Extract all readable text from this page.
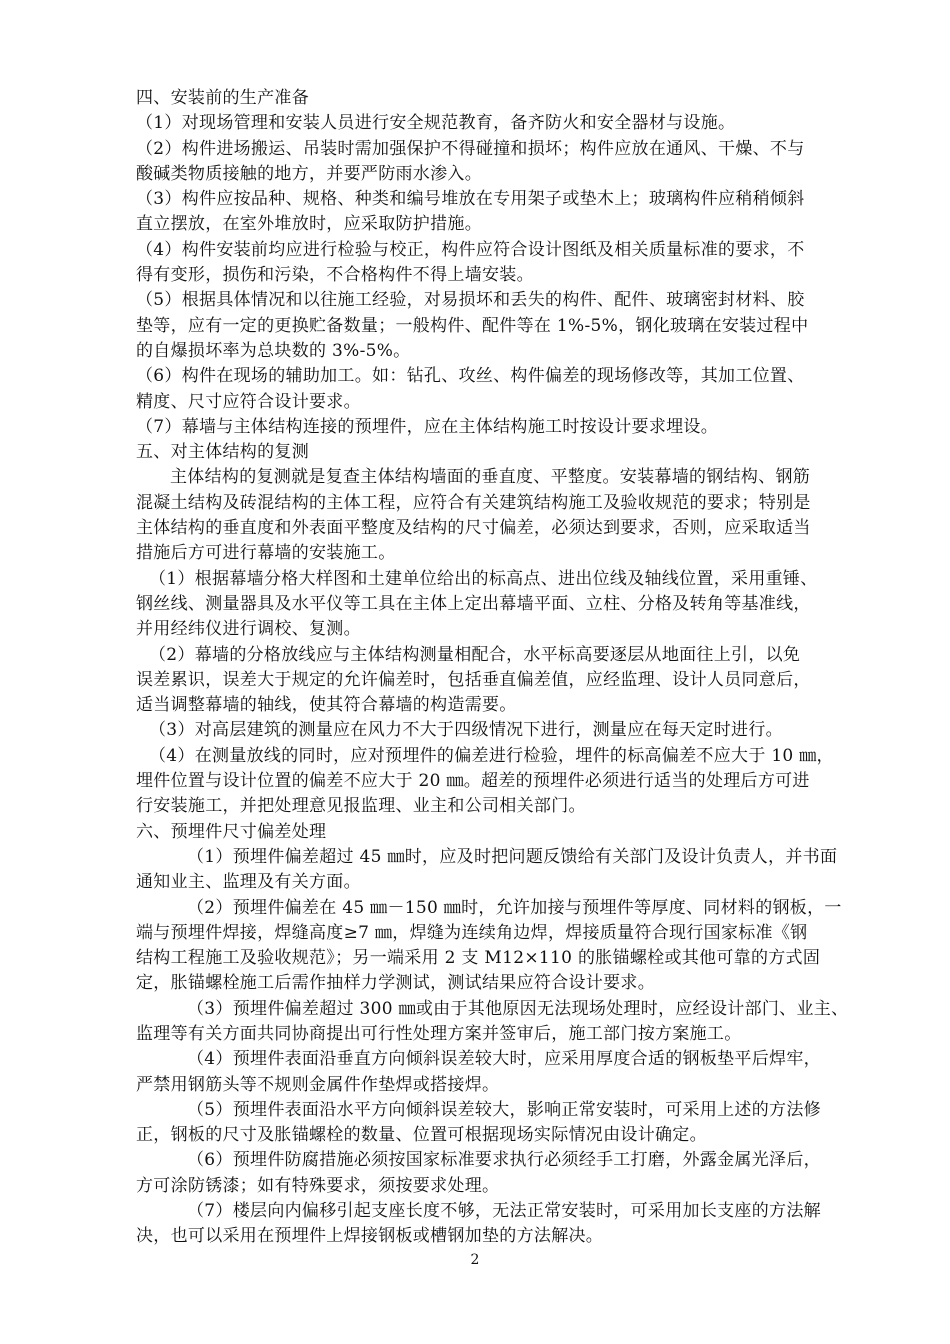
四、安装前的生产准备
（1）对现场管理和安装人员进行安全规范教育，备齐防火和安全器材与设施。
（2）构件进场搬运、吊装时需加强保护不得碰撞和损坏；构件应放在通风、干燥、不与
酸碱类物质接触的地方，并要严防雨水渗入。
（3）构件应按品种、规格、种类和编号堆放在专用架子或垫木上；玻璃构件应稍稍倾斜
直立摆放，在室外堆放时，应采取防护措施。
（4）构件安装前均应进行检验与校正，构件应符合设计图纸及相关质量标准的要求，不
得有变形，损伤和污染，不合格构件不得上墙安装。
（5）根据具体情况和以往施工经验，对易损坏和丢失的构件、配件、玻璃密封材料、胶
垫等，应有一定的更换贮备数量；一般构件、配件等在 1%-5%，钢化玻璃在安装过程中
的自爆损坏率为总块数的 3%-5%。
（6）构件在现场的辅助加工。如：钻孔、攻丝、构件偏差的现场修改等，其加工位置、
精度、尺寸应符合设计要求。
（7）幕墙与主体结构连接的预埋件，应在主体结构施工时按设计要求埋设。
五、对主体结构的复测
主体结构的复测就是复查主体结构墙面的垂直度、平整度。安装幕墙的钢结构、钢筋
混凝土结构及砖混结构的主体工程，应符合有关建筑结构施工及验收规范的要求；特别是
主体结构的垂直度和外表面平整度及结构的尺寸偏差，必须达到要求，否则，应采取适当
措施后方可进行幕墙的安装施工。
（1）根据幕墙分格大样图和土建单位给出的标高点、进出位线及轴线位置，采用重锤、
钢丝线、测量器具及水平仪等工具在主体上定出幕墙平面、立柱、分格及转角等基准线，
并用经纬仪进行调校、复测。
（2）幕墙的分格放线应与主体结构测量相配合，水平标高要逐层从地面往上引，以免
误差累识，误差大于规定的允许偏差时，包括垂直偏差值，应经监理、设计人员同意后，
适当调整幕墙的轴线，使其符合幕墙的构造需要。
（3）对高层建筑的测量应在风力不大于四级情况下进行，测量应在每天定时进行。
（4）在测量放线的同时，应对预埋件的偏差进行检验，埋件的标高偏差不应大于 10 ㎜，
埋件位置与设计位置的偏差不应大于 20 ㎜。超差的预埋件必须进行适当的处理后方可进
行安装施工，并把处理意见报监理、业主和公司相关部门。
六、预埋件尺寸偏差处理
（1）预埋件偏差超过 45 ㎜时，应及时把问题反馈给有关部门及设计负责人，并书面
通知业主、监理及有关方面。
（2）预埋件偏差在 45 ㎜－150 ㎜时，允许加接与预埋件等厚度、同材料的钢板，一
端与预埋件焊接，焊缝高度≥7 ㎜，焊缝为连续角边焊，焊接质量符合现行国家标准《钢
结构工程施工及验收规范》；另一端采用 2 支 M12×110 的胀锚螺栓或其他可靠的方式固
定，胀锚螺栓施工后需作抽样力学测试，测试结果应符合设计要求。
（3）预埋件偏差超过 300 ㎜或由于其他原因无法现场处理时，应经设计部门、业主、
监理等有关方面共同协商提出可行性处理方案并签审后，施工部门按方案施工。
（4）预埋件表面沿垂直方向倾斜误差较大时，应采用厚度合适的钢板垫平后焊牢，
严禁用钢筋头等不规则金属件作垫焊或搭接焊。
（5）预埋件表面沿水平方向倾斜误差较大，影响正常安装时，可采用上述的方法修
正，钢板的尺寸及胀锚螺栓的数量、位置可根据现场实际情况由设计确定。
（6）预埋件防腐措施必须按国家标准要求执行必须经手工打磨，外露金属光泽后，
方可涂防锈漆；如有特殊要求，须按要求处理。
（7）楼层向内偏移引起支座长度不够，无法正常安装时，可采用加长支座的方法解
决，也可以采用在预埋件上焊接钢板或槽钢加垫的方法解决。
2
